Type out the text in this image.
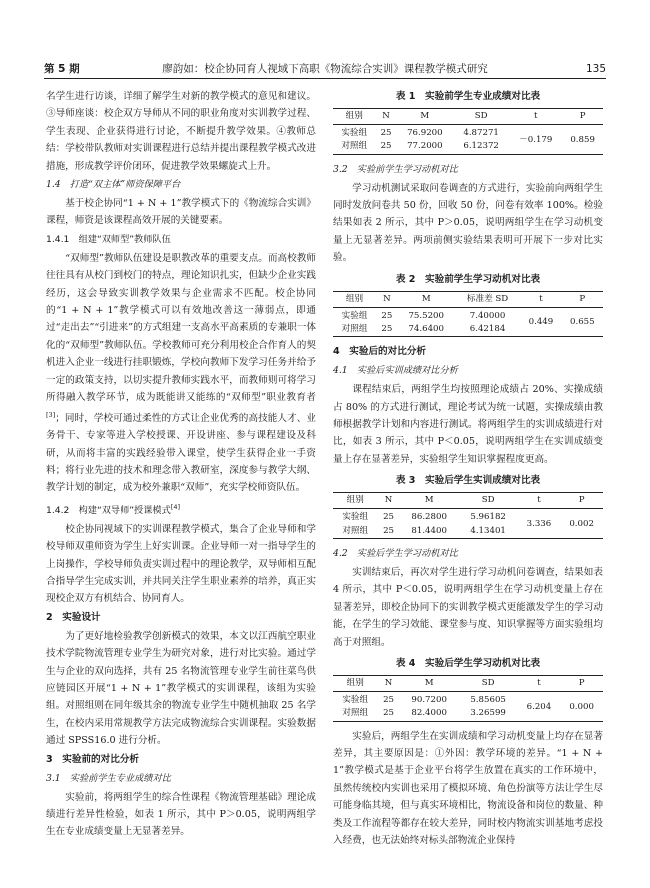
第 5 期	廖韵如：校企协同育人视域下高职《物流综合实训》课程教学模式研究	135

名学生进行访谈，详细了解学生对新的教学模式的意见和建议。③导师座谈：校企双方导师从不同的职业角度对实训教学过程、学生表现、企业获得进行讨论，不断提升教学效果。④教师总结：学校带队教师对实训课程进行总结并提出课程教学模式改进措施，形成教学评价闭环，促进教学效果螺旋式上升。

1.4　打造“双主体”师资保障平台

基于校企协同“1 + N + 1”教学模式下的《物流综合实训》课程，师资是该课程高效开展的关键要素。

1.4.1　组建“双师型”教师队伍

“双师型”教师队伍建设是职教改革的重要支点。而高校教师往往具有从校门到校门的特点，理论知识扎实，但缺少企业实践经历，这会导致实训教学效果与企业需求不匹配。校企协同的“1 + N + 1”教学模式可以有效地改善这一薄弱点，即通过“走出去”“引进来”的方式组建一支高水平高素质的专兼职一体化的“双师型”教师队伍。学校教师可充分利用校企合作育人的契机进入企业一线进行挂职锻炼，学校向教师下发学习任务并给予一定的政策支持，以切实提升教师实践水平，而教师则可将学习所得融入教学环节，成为既能讲又能练的“双师型”职业教育者[3]；同时，学校可通过柔性的方式让企业优秀的高技能人才、业务骨干、专家等进入学校授课、开设讲座、参与课程建设及科研，从而将丰富的实践经验带入课堂，使学生获得企业一手资料；将行业先进的技术和理念带入教研室，深度参与教学大纲、教学计划的制定，成为校外兼职“双师”，充实学校师资队伍。

1.4.2　构建“双导师”授课模式[4]

校企协同视域下的实训课程教学模式，集合了企业导师和学校导师双重师资为学生上好实训课。企业导师一对一指导学生的上岗操作，学校导师负责实训过程中的理论教学，双导师相互配合指导学生完成实训，并共同关注学生职业素养的培养，真正实现校企双方有机结合、协同育人。

2　实验设计

为了更好地检验教学创新模式的效果，本文以江西航空职业技术学院物流管理专业学生为研究对象，进行对比实验。通过学生与企业的双向选择，共有 25 名物流管理专业学生前往菜鸟供应链园区开展“1 + N + 1”教学模式的实训课程，该组为实验组。对照组则在同年级其余的物流专业学生中随机抽取 25 名学生，在校内采用常规教学方法完成物流综合实训课程。实验数据通过 SPSS16.0 进行分析。

3　实验前的对比分析
3.1　实验前学生专业成绩对比

实验前，将两组学生的综合性课程《物流管理基础》理论成绩进行差异性检验，如表 1 所示，其中 P＞0.05，说明两组学生在专业成绩变量上无显著差异。

表 1　实验前学生专业成绩对比表
组别	N	M	SD	t	P
实验组	25	76.9200	4.87271	－0.179	0.859
对照组	25	77.2000	6.12372		
3.2　实验前学生学习动机对比

学习动机测试采取问卷调查的方式进行，实验前向两组学生同时发放问卷共 50 份，回收 50 份，问卷有效率 100%。检验结果如表 2 所示，其中 P＞0.05，说明两组学生在学习动机变量上无显著差异。两项前侧实验结果表明可开展下一步对比实验。

表 2　实验前学生学习动机对比表
组别	N	M	标准差 SD	t	P
实验组	25	75.5200	7.40000	0.449	0.655
对照组	25	74.6400	6.42184		
4　实验后的对比分析
4.1　实验后实训成绩对比分析

课程结束后，两组学生均按照理论成绩占 20%、实操成绩占 80% 的方式进行测试，理论考试为统一试题，实操成绩由教师根据教学计划和内容进行测试。将两组学生的实训成绩进行对比，如表 3 所示，其中 P＜0.05，说明两组学生在实训成绩变量上存在显著差异，实验组学生知识掌握程度更高。

表 3　实验后学生实训成绩对比表
组别	N	M	SD	t	P
实验组	25	86.2800	5.96182	3.336	0.002
对照组	25	81.4400	4.13401		
4.2　实验后学生学习动机对比

实训结束后，再次对学生进行学习动机问卷调查，结果如表 4 所示，其中 P＜0.05，说明两组学生在学习动机变量上存在显著差异，即校企协同下的实训教学模式更能激发学生的学习动能，在学生的学习效能、课堂参与度、知识掌握等方面实验组均高于对照组。

表 4　实验后学生学习动机对比表
组别	N	M	SD	t	P
实验组	25	90.7200	5.85605	6.204	0.000
对照组	25	82.4000	3.26599		

实验后，两组学生在实训成绩和学习动机变量上均存在显著差异，其主要原因是：①外因：教学环境的差异。“1 + N + 1”教学模式是基于企业平台将学生放置在真实的工作环境中，虽然传统校内实训也采用了模拟环境、角色扮演等方法让学生尽可能身临其境，但与真实环境相比，物流设备和岗位的数量、种类及工作流程等都存在较大差异，同时校内物流实训基地考虑投入经费，也无法始终对标头部物流企业保持
